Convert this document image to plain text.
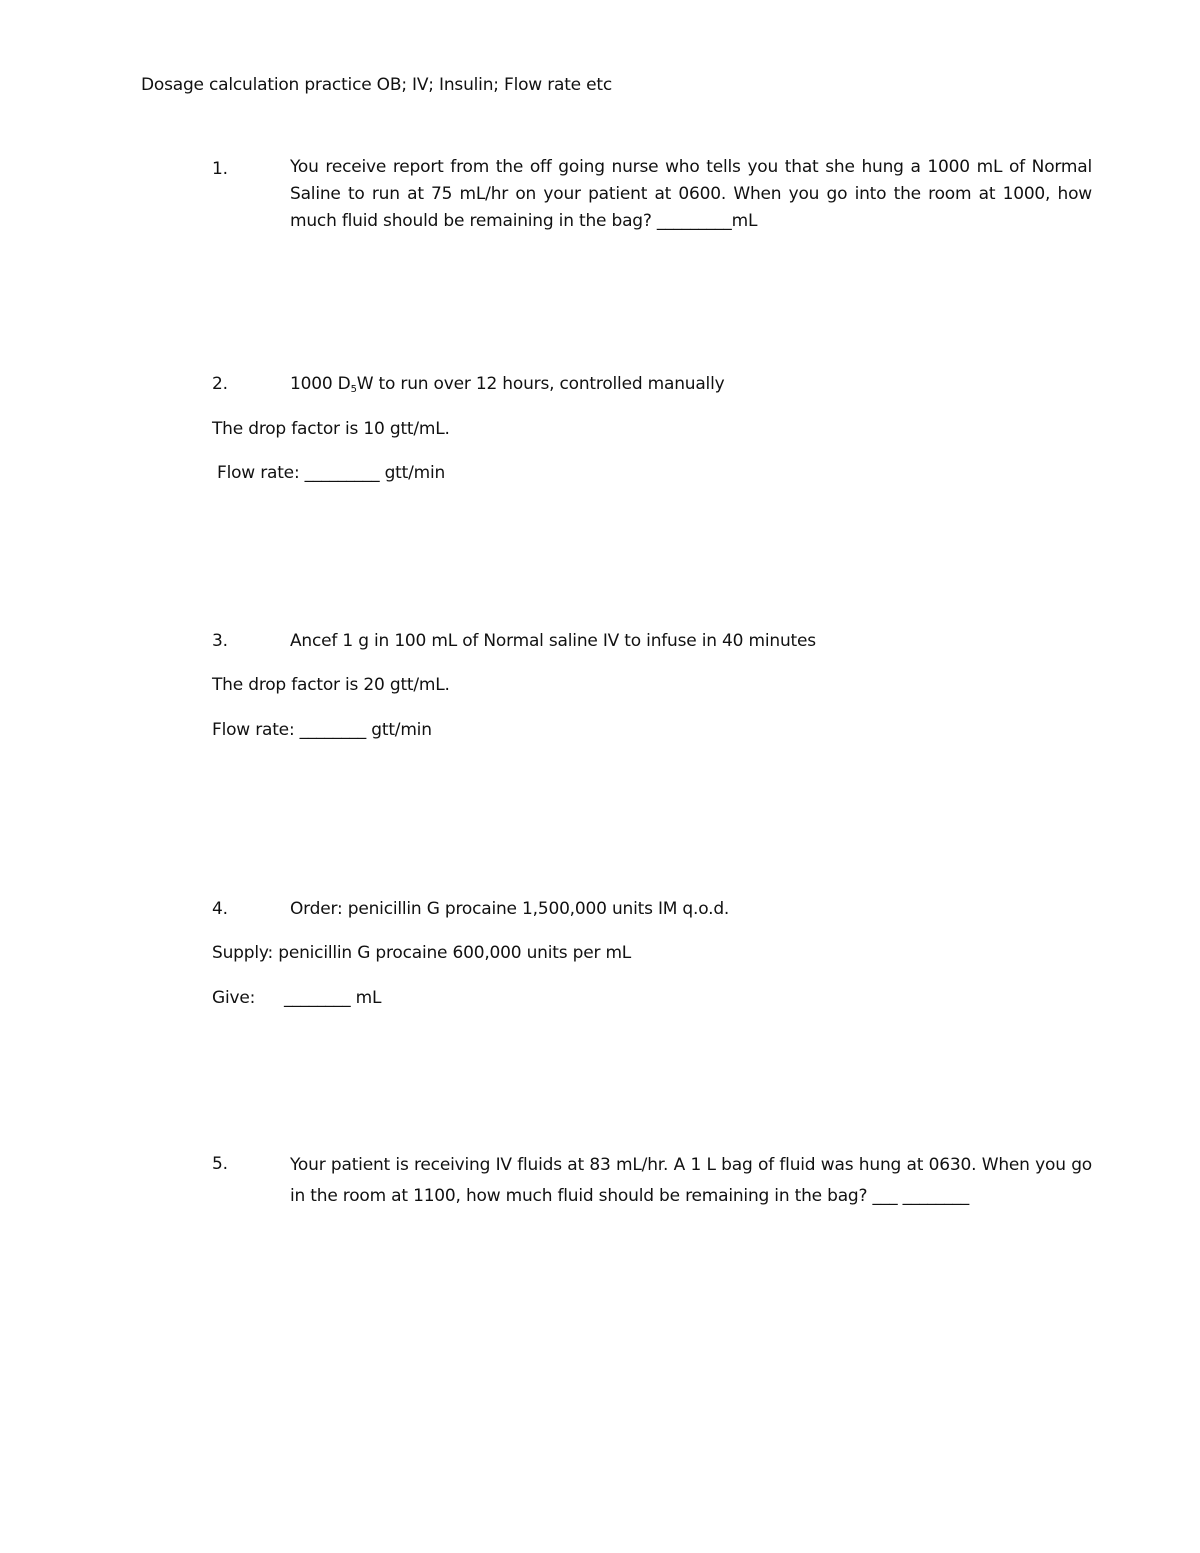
Dosage calculation practice OB; IV; Insulin; Flow rate etc
1.	You receive report from the off going nurse who tells you that she hung a 1000 mL of Normal Saline to run at 75 mL/hr on your patient at 0600. When you go into the room at 1000, how much fluid should be remaining in the bag? _________mL
2.	1000 $D_5W$ to run over 12 hours, controlled manually
The drop factor is 10 gtt/mL.
Flow rate: _________ gtt/min
3.	Ancef 1 g in 100 mL of Normal saline IV to infuse in 40 minutes
The drop factor is 20 gtt/mL.
Flow rate: ________ gtt/min
4.	Order: penicillin G procaine 1,500,000 units IM q.o.d.
Supply: penicillin G procaine 600,000 units per mL
Give: ________ mL
5.	Your patient is receiving IV fluids at 83 mL/hr. A 1 L bag of fluid was hung at 0630. When you go in the room at 1100, how much fluid should be remaining in the bag? ___ ________
